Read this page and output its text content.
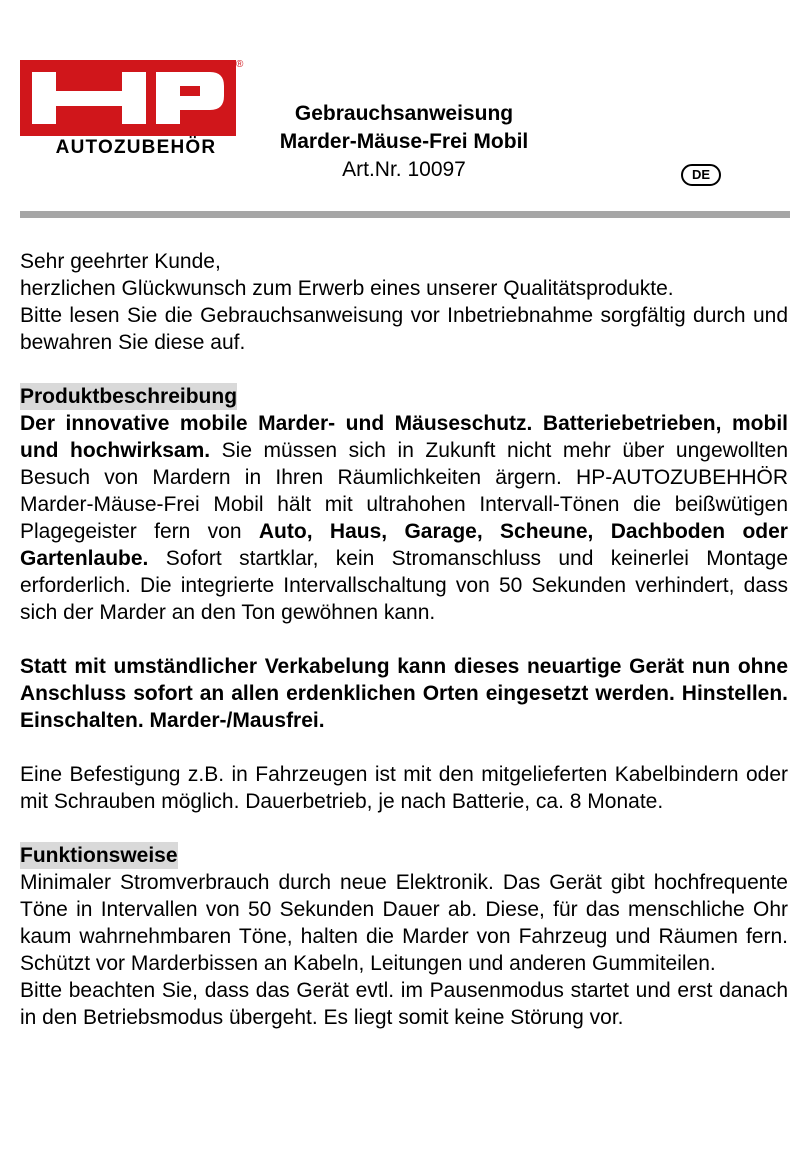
®
AUTOZUBEHÖR
Gebrauchsanweisung
Marder-Mäuse-Frei Mobil
Art.Nr. 10097	DE

Sehr geehrter Kunde,

herzlichen Glückwunsch zum Erwerb eines unserer Qualitätsprodukte.

Bitte lesen Sie die Gebrauchsanweisung vor Inbetriebnahme sorgfältig durch und bewahren Sie diese auf.

Produktbeschreibung

Der innovative mobile Marder- und Mäuseschutz. Batteriebetrieben, mobil und hochwirksam. Sie müssen sich in Zukunft nicht mehr über ungewollten Besuch von Mardern in Ihren Räumlichkeiten ärgern. HP-AUTOZUBEHHÖR Marder-Mäuse-Frei Mobil hält mit ultrahohen Intervall-Tönen die beißwütigen Plagegeister fern von Auto, Haus, Garage, Scheune, Dachboden oder Gartenlaube. Sofort startklar, kein Stromanschluss und keinerlei Montage erforderlich. Die integrierte Intervallschaltung von 50 Sekunden verhindert, dass sich der Marder an den Ton gewöhnen kann.

Statt mit umständlicher Verkabelung kann dieses neuartige Gerät nun ohne Anschluss sofort an allen erdenklichen Orten eingesetzt werden. Hinstellen. Einschalten. Marder-/Mausfrei.

Eine Befestigung z.B. in Fahrzeugen ist mit den mitgelieferten Kabelbindern oder mit Schrauben möglich. Dauerbetrieb, je nach Batterie, ca. 8 Monate.

Funktionsweise

Minimaler Stromverbrauch durch neue Elektronik. Das Gerät gibt hochfrequente Töne in Intervallen von 50 Sekunden Dauer ab. Diese, für das menschliche Ohr kaum wahrnehmbaren Töne, halten die Marder von Fahrzeug und Räumen fern. Schützt vor Marderbissen an Kabeln, Leitungen und anderen Gummiteilen.

Bitte beachten Sie, dass das Gerät evtl. im Pausenmodus startet und erst danach in den Betriebsmodus übergeht. Es liegt somit keine Störung vor.
